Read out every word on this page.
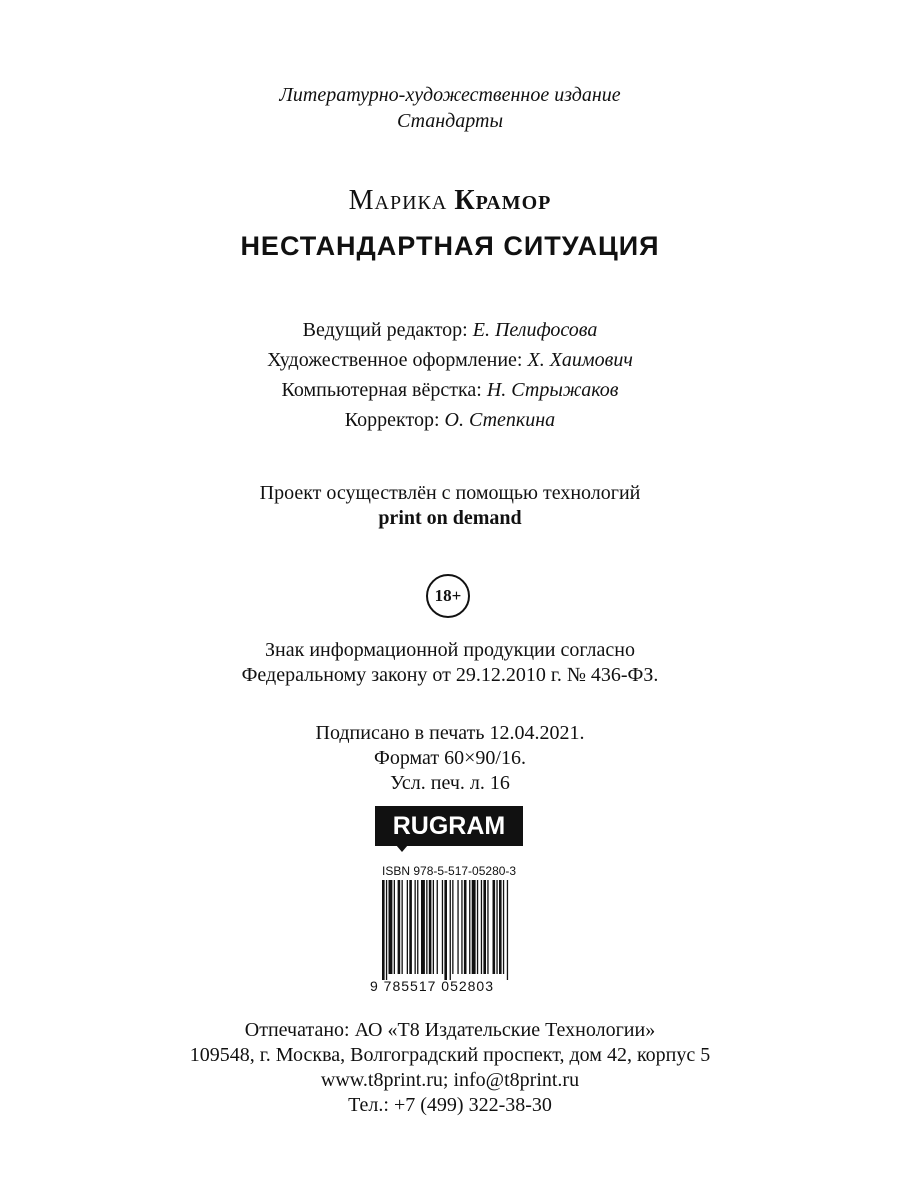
Литературно-художественное издание
Стандарты
Марика Крамор
НЕСТАНДАРТНАЯ СИТУАЦИЯ
Ведущий редактор: Е. Пелифосова
Художественное оформление: Х. Хаимович
Компьютерная вёрстка: Н. Стрыжаков
Корректор: О. Степкина
Проект осуществлён с помощью технологий
print on demand
18+
Знак информационной продукции согласно
Федеральному закону от 29.12.2010 г. № 436-ФЗ.
Подписано в печать 12.04.2021.
Формат 60×90/16.
Усл. печ. л. 16
RUGRAM
ISBN 978-5-517-05280-3
9 785517 052803
Отпечатано: АО «Т8 Издательские Технологии»
109548, г. Москва, Волгоградский проспект, дом 42, корпус 5
www.t8print.ru; info@t8print.ru
Тел.: +7 (499) 322-38-30
